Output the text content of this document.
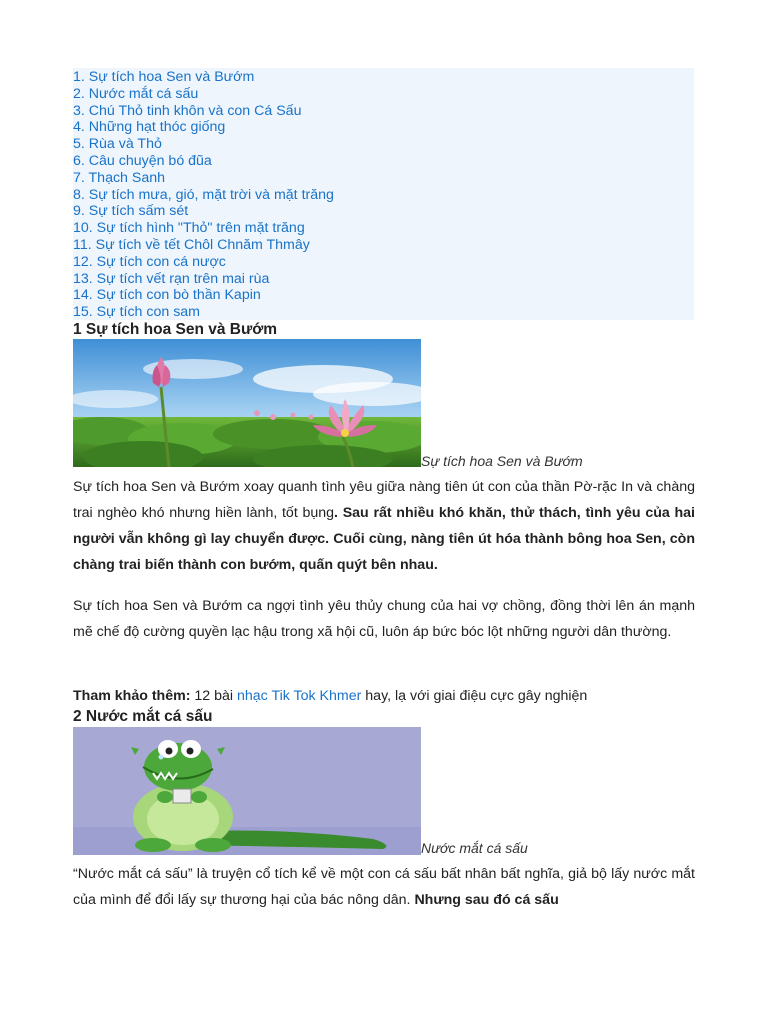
1. Sự tích hoa Sen và Bướm
2. Nước mắt cá sấu
3. Chú Thỏ tinh khôn và con Cá Sấu
4. Những hạt thóc giống
5. Rùa và Thỏ
6. Câu chuyện bó đũa
7. Thạch Sanh
8. Sự tích mưa, gió, mặt trời và mặt trăng
9. Sự tích sấm sét
10. Sự tích hình "Thỏ" trên mặt trăng
11. Sự tích về tết Chôl Chnăm Thmây
12. Sự tích con cá nược
13. Sự tích vết rạn trên mai rùa
14. Sự tích con bò thần Kapin
15. Sự tích con sam
1 Sự tích hoa Sen và Bướm
Sự tích hoa Sen và Bướm

Sự tích hoa Sen và Bướm xoay quanh tình yêu giữa nàng tiên út con của thần Pờ-rặc In và chàng trai nghèo khó nhưng hiền lành, tốt bụng. Sau rất nhiều khó khăn, thử thách, tình yêu của hai người vẫn không gì lay chuyển được. Cuối cùng, nàng tiên út hóa thành bông hoa Sen, còn chàng trai biến thành con bướm, quấn quýt bên nhau.

Sự tích hoa Sen và Bướm ca ngợi tình yêu thủy chung của hai vợ chồng, đồng thời lên án mạnh mẽ chế độ cường quyền lạc hậu trong xã hội cũ, luôn áp bức bóc lột những người dân thường.

Tham khảo thêm: 12 bài nhạc Tik Tok Khmer hay, lạ với giai điệu cực gây nghiện

2 Nước mắt cá sấu
Nước mắt cá sấu

“Nước mắt cá sấu” là truyện cổ tích kể về một con cá sấu bất nhân bất nghĩa, giả bộ lấy nước mắt của mình để đổi lấy sự thương hại của bác nông dân. Nhưng sau đó cá sấu
